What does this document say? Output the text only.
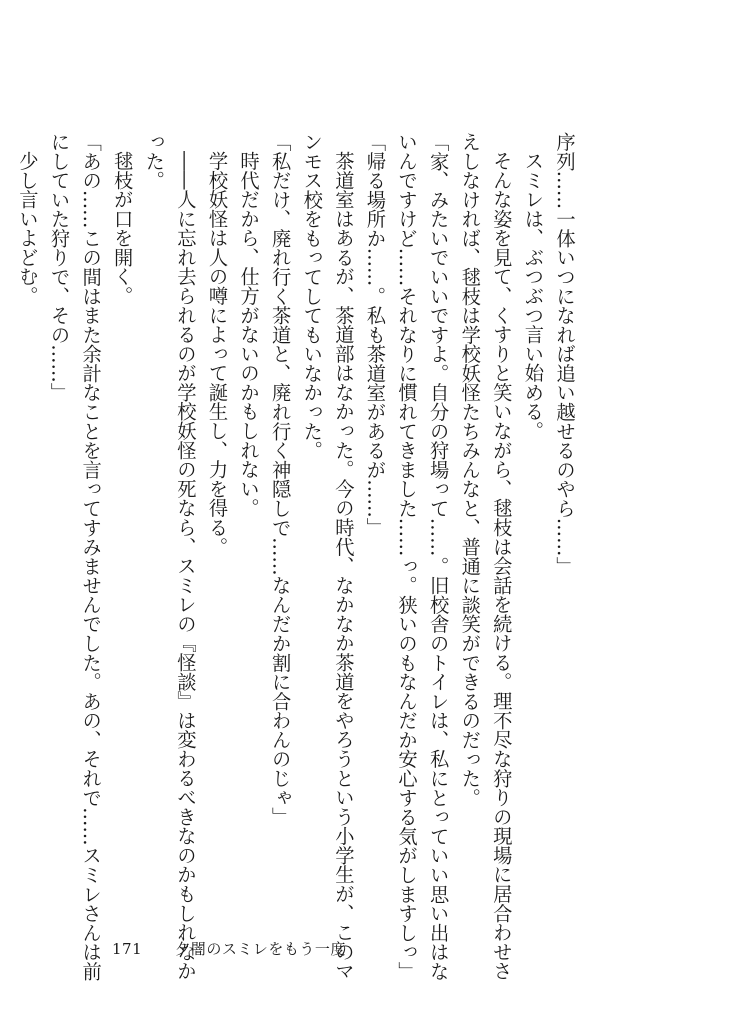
序列……一体いつになれば追い越せるのやら……」

スミレは、ぶつぶつ言い始める。

そんな姿を見て、くすりと笑いながら、毬枝は会話を続ける。理不尽な狩りの現場に居合わせさ

えしなければ、毬枝は学校妖怪たちみんなと、普通に談笑ができるのだった。

「家、みたいでいいですよ。自分の狩場って……。旧校舎のトイレは、私にとっていい思い出はな

いんですけど……それなりに慣れてきました……っ。狭いのもなんだか安心する気がしますしっ」

「帰る場所か……。私も茶道室があるが……」

茶道室はあるが、茶道部はなかった。今の時代、なかなか茶道をやろうという小学生が、このマ

ンモス校をもってしてもいなかった。

「私だけ、廃れ行く茶道と、廃れ行く神隠しで……なんだか割に合わんのじゃ」

時代だから、仕方がないのかもしれない。

学校妖怪は人の噂によって誕生し、力を得る。

――人に忘れ去られるのが学校妖怪の死なら、スミレの『怪談』は変わるべきなのかもしれなか

った。

毬枝が口を開く。

「あの……この間はまた余計なことを言ってすみませんでした。あの、それで……スミレさんは前

にしていた狩りで、その……」

少し言いよどむ。

171 夕闇のスミレをもう一度
